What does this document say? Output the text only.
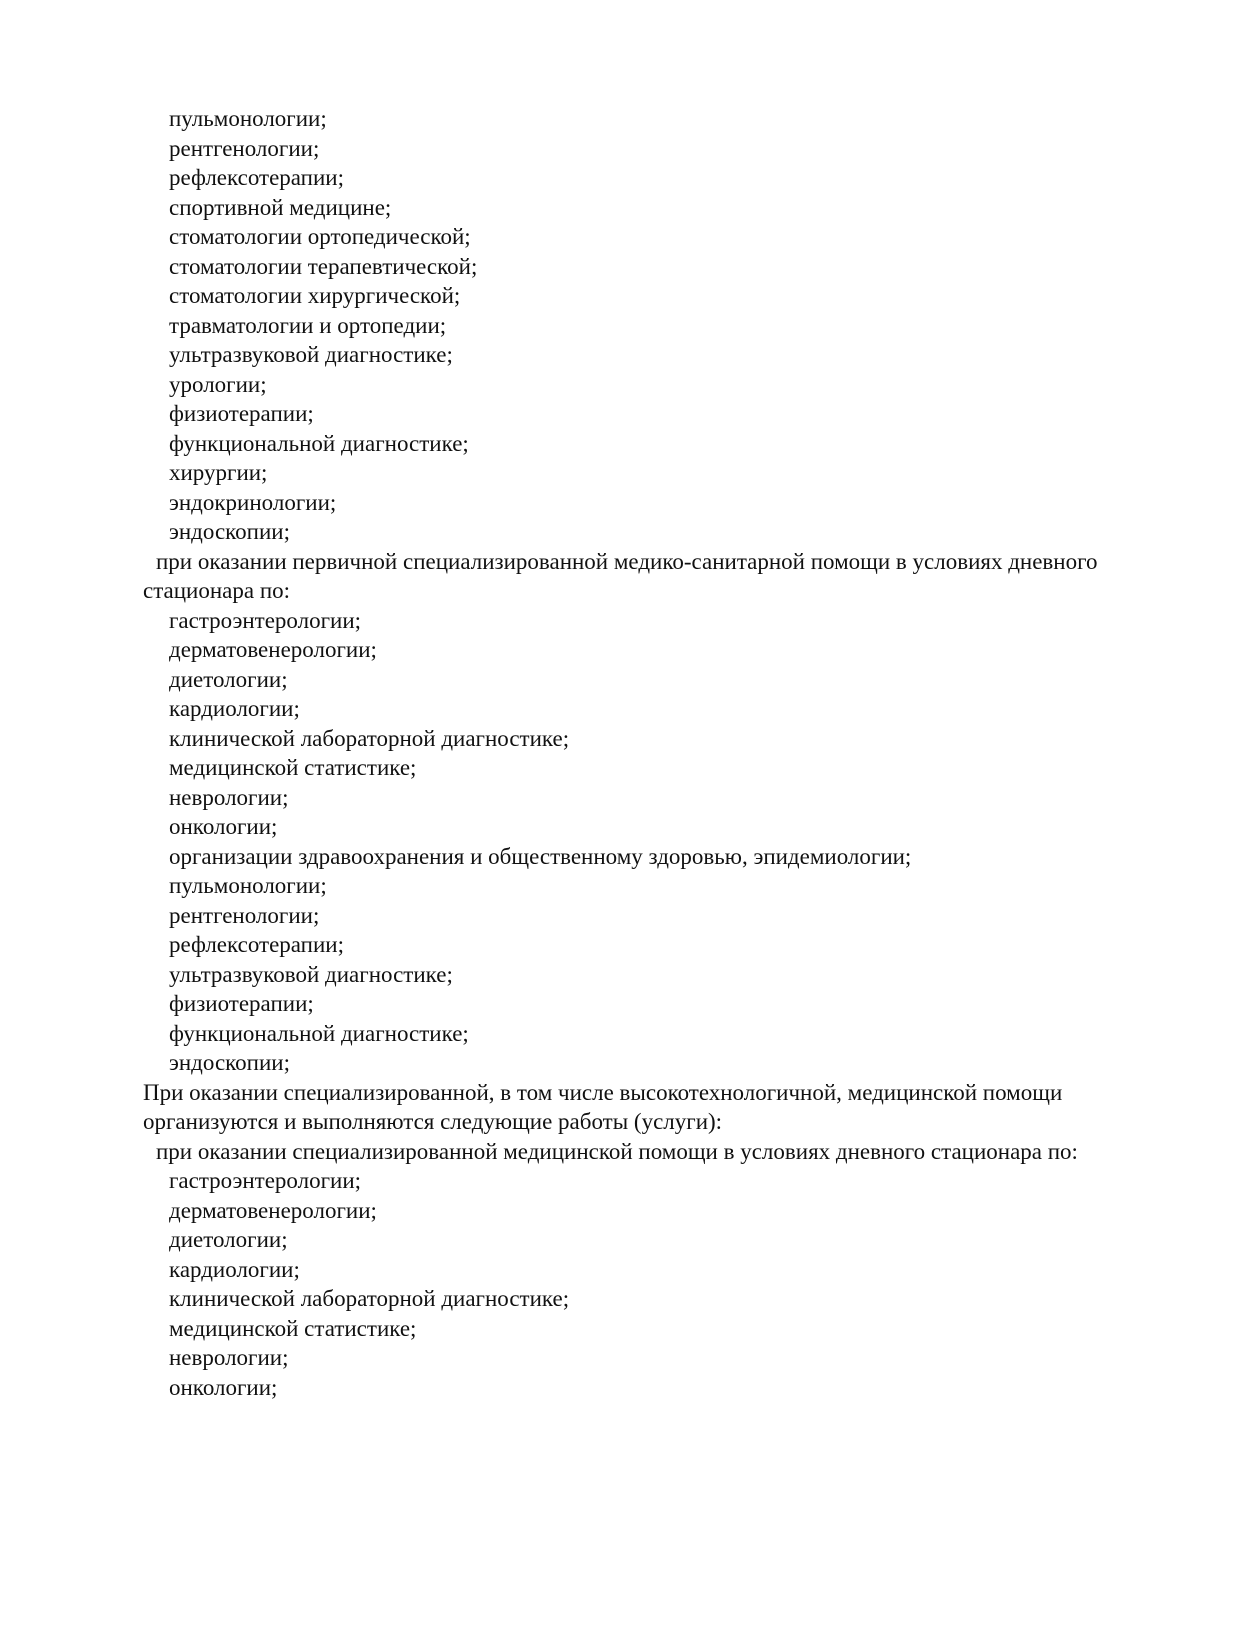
пульмонологии;
рентгенологии;
рефлексотерапии;
спортивной медицине;
стоматологии ортопедической;
стоматологии терапевтической;
стоматологии хирургической;
травматологии и ортопедии;
ультразвуковой диагностике;
урологии;
физиотерапии;
функциональной диагностике;
хирургии;
эндокринологии;
эндоскопии;
при оказании первичной специализированной медико-санитарной помощи в условиях дневного
стационара по:
гастроэнтерологии;
дерматовенерологии;
диетологии;
кардиологии;
клинической лабораторной диагностике;
медицинской статистике;
неврологии;
онкологии;
организации здравоохранения и общественному здоровью, эпидемиологии;
пульмонологии;
рентгенологии;
рефлексотерапии;
ультразвуковой диагностике;
физиотерапии;
функциональной диагностике;
эндоскопии;
При оказании специализированной, в том числе высокотехнологичной, медицинской помощи
организуются и выполняются следующие работы (услуги):
при оказании специализированной медицинской помощи в условиях дневного стационара по:
гастроэнтерологии;
дерматовенерологии;
диетологии;
кардиологии;
клинической лабораторной диагностике;
медицинской статистике;
неврологии;
онкологии;
